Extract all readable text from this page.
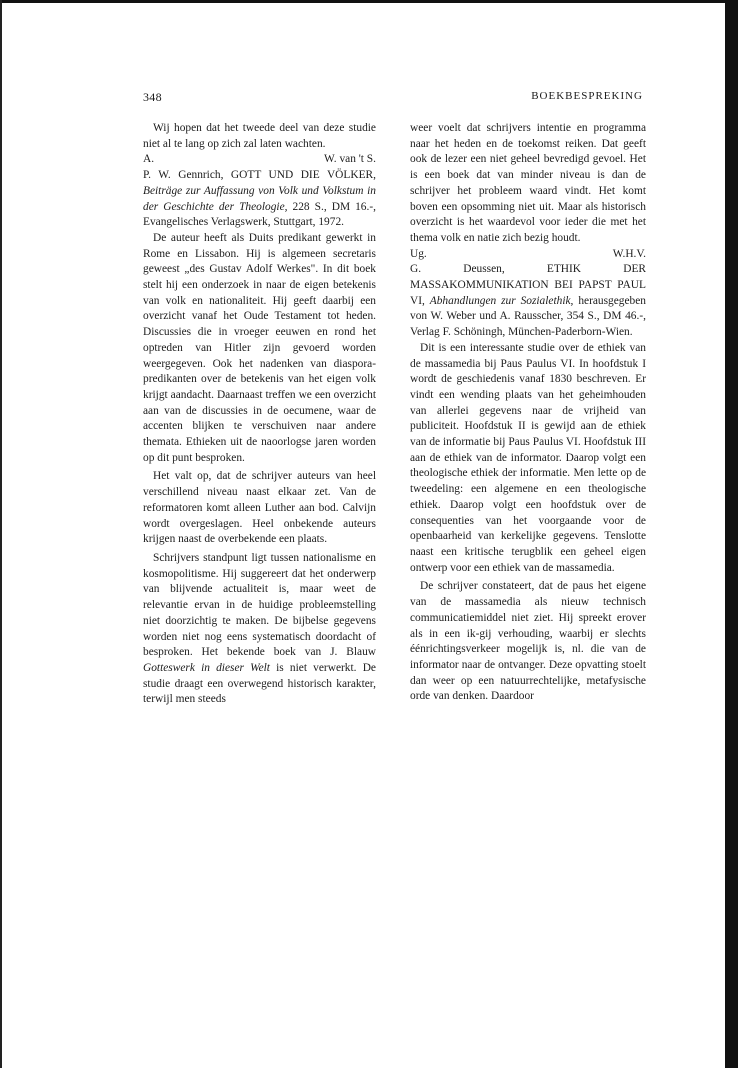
348	BOEKBESPREKING

Wij hopen dat het tweede deel van deze studie niet al te lang op zich zal laten wachten.

A.	W. van 't S.

P. W. Gennrich, GOTT UND DIE VÖLKER, Beiträge zur Auffassung von Volk und Volkstum in der Geschichte der Theologie, 228 S., DM 16.-, Evangelisches Verlagswerk, Stuttgart, 1972.

De auteur heeft als Duits predikant gewerkt in Rome en Lissabon. Hij is algemeen secretaris geweest „des Gustav Adolf Werkes". In dit boek stelt hij een onderzoek in naar de eigen betekenis van volk en nationaliteit. Hij geeft daarbij een overzicht vanaf het Oude Testament tot heden. Discussies die in vroeger eeuwen en rond het optreden van Hitler zijn gevoerd worden weergegeven. Ook het nadenken van diaspora-predikanten over de betekenis van het eigen volk krijgt aandacht. Daarnaast treffen we een overzicht aan van de discussies in de oecumene, waar de accenten blijken te verschuiven naar andere themata. Ethieken uit de naoorlogse jaren worden op dit punt besproken.

Het valt op, dat de schrijver auteurs van heel verschillend niveau naast elkaar zet. Van de reformatoren komt alleen Luther aan bod. Calvijn wordt overgeslagen. Heel onbekende auteurs krijgen naast de overbekende een plaats.

Schrijvers standpunt ligt tussen nationalisme en kosmopolitisme. Hij suggereert dat het onderwerp van blijvende actualiteit is, maar weet de relevantie ervan in de huidige probleemstelling niet doorzichtig te maken. De bijbelse gegevens worden niet nog eens systematisch doordacht of besproken. Het bekende boek van J. Blauw Gotteswerk in dieser Welt is niet verwerkt. De studie draagt een overwegend historisch karakter, terwijl men steeds

weer voelt dat schrijvers intentie en programma naar het heden en de toekomst reiken. Dat geeft ook de lezer een niet geheel bevredigd gevoel. Het is een boek dat van minder niveau is dan de schrijver het probleem waard vindt. Het komt boven een opsomming niet uit. Maar als historisch overzicht is het waardevol voor ieder die met het thema volk en natie zich bezig houdt.

Ug.	W.H.V.

G. Deussen, ETHIK DER MASSAKOMMUNIKATION BEI PAPST PAUL VI, Abhandlungen zur Sozialethik, herausgegeben von W. Weber und A. Rausscher, 354 S., DM 46.-, Verlag F. Schöningh, München-Paderborn-Wien.

Dit is een interessante studie over de ethiek van de massamedia bij Paus Paulus VI. In hoofdstuk I wordt de geschiedenis vanaf 1830 beschreven. Er vindt een wending plaats van het geheimhouden van allerlei gegevens naar de vrijheid van publiciteit. Hoofdstuk II is gewijd aan de ethiek van de informatie bij Paus Paulus VI. Hoofdstuk III aan de ethiek van de informator. Daarop volgt een theologische ethiek der informatie. Men lette op de tweedeling: een algemene en een theologische ethiek. Daarop volgt een hoofdstuk over de consequenties van het voorgaande voor de openbaarheid van kerkelijke gegevens. Tenslotte naast een kritische terugblik een geheel eigen ontwerp voor een ethiek van de massamedia.

De schrijver constateert, dat de paus het eigene van de massamedia als nieuw technisch communicatiemiddel niet ziet. Hij spreekt erover als in een ik-gij verhouding, waarbij er slechts éénrichtingsverkeer mogelijk is, nl. die van de informator naar de ontvanger. Deze opvatting stoelt dan weer op een natuurrechtelijke, metafysische orde van denken. Daardoor
